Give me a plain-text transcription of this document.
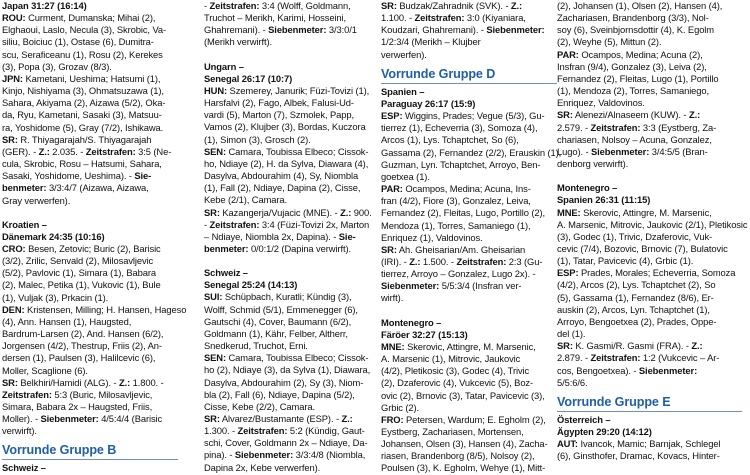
Japan 31:27 (16:14)
ROU: Curment, Dumanska; Mihai (2),
Elghaoui, Laslo, Necula (3), Skrobic, Va-
siliu, Boiciuc (1), Ostase (6), Dumitra-
scu, Seraficeanu (1), Rosu (2), Kerekes
(3), Popa (3), Grozav (8/3).
JPN: Kametani, Ueshima; Hatsumi (1),
Kinjo, Nishiyama (3), Ohmatsuzawa (1),
Sahara, Akiyama (2), Aizawa (5/2), Oka-
da, Ryu, Kametani, Sasaki (3), Matsuu-
ra, Yoshidome (5), Gray (7/2), Ishikawa.
SR: R. Thiyagarajah/S. Thiyagarajah
(GER). - Z.: 2.035. - Zeitstrafen: 3:5 (Ne-
cula, Skrobic, Rosu – Hatsumi, Sahara,
Sasaki, Yoshidome, Ueshima). - Sie-
benmeter: 3/3:4/7 (Aizawa, Aizawa,
Gray verwerfen).
Kroatien –
Dänemark 24:35 (10:16)
CRO: Besen, Zetovic; Buric (2), Barisic
(3/2), Zrilic, Senvald (2), Milosavljevic
(5/2), Pavlovic (1), Simara (1), Babara
(2), Malec, Petika (1), Vukovic (1), Bule
(1), Vuljak (3), Prkacin (1).
DEN: Kristensen, Milling; H. Hansen, Hageso
(4), Ann. Hansen (1), Haugsted,
Bardrum-Larsen (2), And. Hansen (6/2),
Jorgensen (4/2), Thestrup, Friis (2), An-
dersen (1), Paulsen (3), Halilcevic (6),
Moller, Scaglione (6).
SR: Belkhiri/Hamidi (ALG). - Z.: 1.800. -
Zeitstrafen: 5:3 (Buric, Milosavljevic,
Simara, Babara 2x – Haugsted, Friis,
Moller). - Siebenmeter: 4/5:4/4 (Barisic
verwirft).
Vorrunde Gruppe B
Schweiz –
- Zeitstrafen: 3:4 (Wolff, Goldmann,
Truchot – Merikh, Karimi, Hosseini,
Ghahremani). - Siebenmeter: 3/3:0/1
(Merikh verwirft).
Ungarn –
Senegal 26:17 (10:7)
HUN: Szemerey, Janurik; Füzi-Tovizi (1),
Harsfalvi (2), Fago, Albek, Falusi-Ud-
vardi (5), Marton (7), Szmolek, Papp,
Vamos (2), Klujber (3), Bordas, Kuczora
(1), Simon (3), Grosch (2).
SEN: Camara, Toubissa Elbeco; Cissok-
ho, Ndiaye (2), H. da Sylva, Diawara (4),
Dasylva, Abdourahim (4), Sy, Niombla
(1), Fall (2), Ndiaye, Dapina (2), Cisse,
Kebe (2/1), Camara.
SR: Kazangerja/Vujacic (MNE). - Z.: 900.
- Zeitstrafen: 3:4 (Füzi-Tovizi 2x, Marton
– Ndiaye, Niombla 2x, Dapina). - Sie-
benmeter: 0/0:1/2 (Dapina verwirft).
Schweiz –
Senegal 25:24 (14:13)
SUI: Schüpbach, Kuratli; Kündig (3),
Wolff, Schmid (5/1), Emmenegger (6),
Gautschi (4), Cover, Baumann (6/2),
Goldmann (1), Kähr, Felber, Altherr,
Snedkerud, Truchot, Erni.
SEN: Camara, Toubissa Elbeco; Cissok-
ho (2), Ndiaye (3), da Sylva (1), Diawara,
Dasylva, Abdourahim (2), Sy (3), Niom-
bla (2), Fall (6), Ndiaye, Dapina (5/2),
Cisse, Kebe (2/2), Camara.
SR: Alvarez/Bustamante (ESP). - Z.:
1.300. - Zeitstrafen: 5:2 (Kündig, Gaut-
schi, Cover, Goldmann 2x – Ndiaye, Da-
pina). - Siebenmeter: 3/3:4/8 (Niombla,
Dapina 2x, Kebe verwerfen).
SR: Budzak/Zahradnik (SVK). - Z.:
1.100. - Zeitstrafen: 3:0 (Kiyaniara,
Koudzari, Ghahremani). - Siebenmeter:
1/2:3/4 (Merikh – Klujber
verwerfen).
Vorrunde Gruppe D
Spanien –
Paraguay 26:17 (15:9)
ESP: Wiggins, Prades; Vegue (5/3), Gu-
tierrez (1), Echeverria (3), Somoza (4),
Arcos (1), Lys. Tchaptchet, So (6),
Gassama (2), Fernandez (2/2), Erauskin (1),
Guzman, Lyn. Tchaptchet, Arroyo, Ben-
goetxea (1).
PAR: Ocampos, Medina; Acuna, Ins-
fran (4/2), Fiore (3), Gonzalez, Leiva,
Fernandez (2), Fleitas, Lugo, Portillo (2),
Mendoza (1), Torres, Samaniego (1),
Enriquez (1), Valdovinos.
SR: Ah. Gheisarian/Am. Gheisarian
(IRI). - Z.: 1.500. - Zeitstrafen: 2:3 (Gu-
tierrez, Arroyo – Gonzalez, Lugo 2x). -
Siebenmeter: 5/5:3/4 (Insfran ver-
wirft).
Montenegro –
Färöer 32:27 (15:13)
MNE: Skerovic, Attingre, M. Marsenic,
A. Marsenic (1), Mitrovic, Jaukovic
(4/2), Pletikosic (3), Godec (4), Trivic
(2), Dzaferovic (4), Vukcevic (5), Boz-
ovic (2), Brnovic (3), Tatar, Pavicevic (3),
Grbic (2).
FRO: Petersen, Wardum; E. Egholm (2),
Eystberg, Zachariasen, Mortensen,
Johansen, Olsen (3), Hansen (4), Zacha-
riasen, Brandenborg (8/5), Nolsoy (2),
Poulsen (3), K. Egholm, Wehye (1), Mitt-
(2), Johansen (1), Olsen (2), Hansen (4),
Zachariasen, Brandenborg (3/3), Nol-
soy (6), Sveinbjornsdottir (4), K. Egolm
(2), Weyhe (5), Mittun (2).
PAR: Ocampos, Medina; Acuna (2),
Insfran (9/4), Gonzalez (3), Leiva (2),
Fernandez (2), Fleitas, Lugo (1), Portillo
(1), Mendoza (2), Torres, Samaniego,
Enriquez, Valdovinos.
SR: Alenezi/Alnaseem (KUW). - Z.:
2.579. - Zeitstrafen: 3:3 (Eystberg, Za-
chariasen, Nolsoy – Acuna, Gonzalez,
Lugo). - Siebenmeter: 3/4:5/5 (Bran-
denborg verwirft).
Montenegro –
Spanien 26:31 (11:15)
MNE: Skerovic, Attingre, M. Marsenic,
A. Marsenic, Mitrovic, Jaukovic (2/1), Pletikosic
(3), Godec (1), Trivic, Dzaferovic, Vuk-
cevic (7/4), Bozovic, Brnovic (7), Bulatovic
(1), Tatar, Pavicevic (4), Grbic (1).
ESP: Prades, Morales; Echeverria, Somoza
(4/2), Arcos (2), Lys. Tchaptchet (2), So
(5), Gassama (1), Fernandez (8/6), Er-
auskin (2), Arcos, Lyn. Tchaptchet (1),
Arroyo, Bengoetxea (2), Prades, Oppe-
del (1).
SR: K. Gasmi/R. Gasmi (FRA). - Z.:
2.879. - Zeitstrafen: 1:2 (Vukcevic – Ar-
cos, Bengoetxea). - Siebenmeter:
5/5:6/6.
Vorrunde Gruppe E
Österreich –
Ägypten 29:20 (14:12)
AUT: Ivancok, Mamic; Barnjak, Schlegel
(6), Ginsthofer, Dramac, Kovacs, Hinter-
